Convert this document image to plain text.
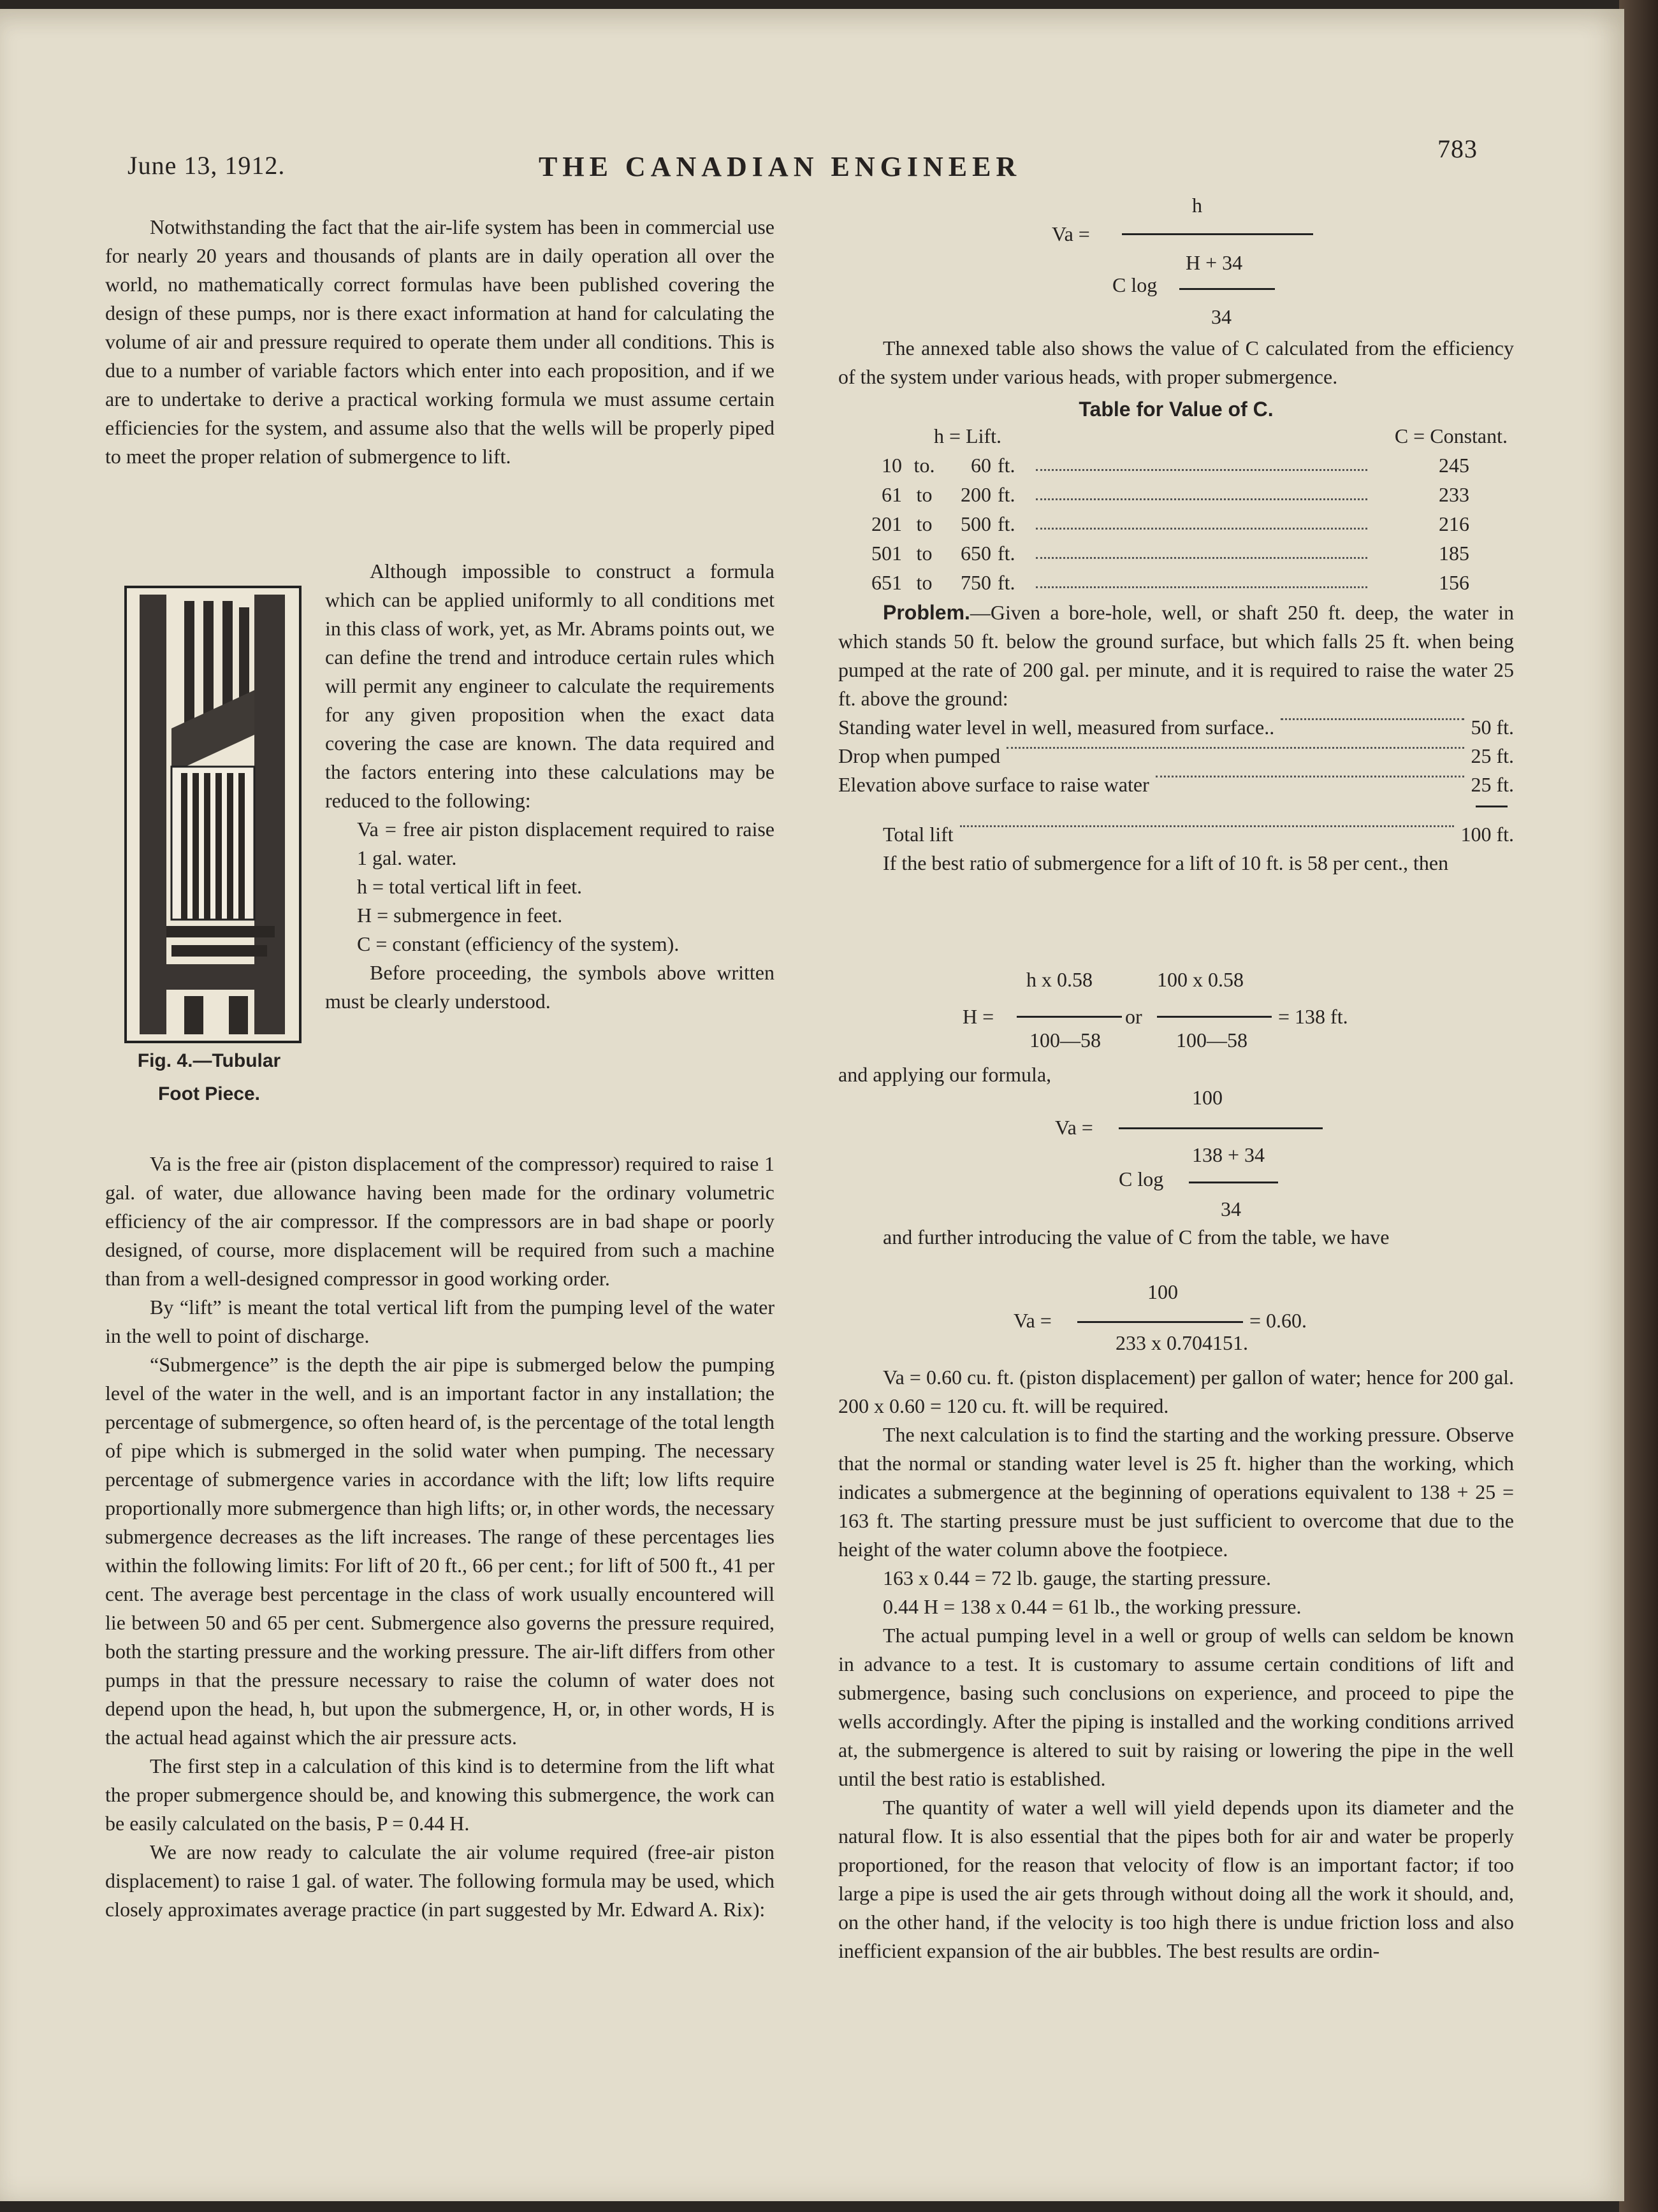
June 13, 1912.	THE CANADIAN ENGINEER
783

Notwithstanding the fact that the air-life system has been in commercial use for nearly 20 years and thousands of plants are in daily operation all over the world, no mathematically correct formulas have been published covering the design of these pumps, nor is there exact information at hand for calculating the volume of air and pressure required to operate them under all conditions. This is due to a number of variable factors which enter into each proposition, and if we are to undertake to derive a practical working formula we must assume certain efficiencies for the system, and assume also that the wells will be properly piped to meet the proper relation of submergence to lift.

Fig. 4.—Tubular
Foot Piece.

Although impossible to construct a formula which can be applied uniformly to all conditions met in this class of work, yet, as Mr. Abrams points out, we can define the trend and introduce certain rules which will permit any engineer to calculate the requirements for any given proposition when the exact data covering the case are known. The data required and the factors entering into these calculations may be reduced to the following:

Va = free air piston displacement required to raise 1 gal. water.

h = total vertical lift in feet.

H = submergence in feet.

C = constant (efficiency of the system).

Before proceeding, the symbols above written must be clearly understood.

Va is the free air (piston displacement of the compressor) required to raise 1 gal. of water, due allowance having been made for the ordinary volumetric efficiency of the air compressor. If the compressors are in bad shape or poorly designed, of course, more displacement will be required from such a machine than from a well-designed compressor in good working order.

By “lift” is meant the total vertical lift from the pumping level of the water in the well to point of discharge.

“Submergence” is the depth the air pipe is submerged below the pumping level of the water in the well, and is an important factor in any installation; the percentage of submergence, so often heard of, is the percentage of the total length of pipe which is submerged in the solid water when pumping. The necessary percentage of submergence varies in accordance with the lift; low lifts require proportionally more submergence than high lifts; or, in other words, the necessary submergence decreases as the lift increases. The range of these percentages lies within the following limits: For lift of 20 ft., 66 per cent.; for lift of 500 ft., 41 per cent. The average best percentage in the class of work usually encountered will lie between 50 and 65 per cent. Submergence also governs the pressure required, both the starting pressure and the working pressure. The air-lift differs from other pumps in that the pressure necessary to raise the column of water does not depend upon the head, h, but upon the submergence, H, or, in other words, H is the actual head against which the air pressure acts.

The first step in a calculation of this kind is to determine from the lift what the proper submergence should be, and knowing this submergence, the work can be easily calculated on the basis, P = 0.44 H.

We are now ready to calculate the air volume required (free-air piston displacement) to raise 1 gal. of water. The following formula may be used, which closely approximates average practice (in part suggested by Mr. Edward A. Rix):

Va =
h
H + 34
C log
34

The annexed table also shows the value of C calculated from the efficiency of the system under various heads, with proper submergence.

Table for Value of C.
h = Lift.					C = Constant.
10	to.	60	ft.		245
61	to	200	ft.		233
201	to	500	ft.		216
501	to	650	ft.		185
651	to	750	ft.		156

Problem.—Given a bore-hole, well, or shaft 250 ft. deep, the water in which stands 50 ft. below the ground surface, but which falls 25 ft. when being pumped at the rate of 200 gal. per minute, and it is required to raise the water 25 ft. above the ground:

Standing water level in well, measured from surface..	50 ft.
Drop when pumped	25 ft.
Elevation above surface to raise water	25 ft.
Total lift	100 ft.

If the best ratio of submergence for a lift of 10 ft. is 58 per cent., then

H =
h x 0.58
100—58
or
100 x 0.58
100—58
= 138 ft.

and applying our formula,

Va =
100
138 + 34
C log
34

and further introducing the value of C from the table, we have

Va =
100
233 x 0.704151.
= 0.60.

Va = 0.60 cu. ft. (piston displacement) per gallon of water; hence for 200 gal. 200 x 0.60 = 120 cu. ft. will be required.

The next calculation is to find the starting and the working pressure. Observe that the normal or standing water level is 25 ft. higher than the working, which indicates a submergence at the beginning of operations equivalent to 138 + 25 = 163 ft. The starting pressure must be just sufficient to overcome that due to the height of the water column above the footpiece.

163 x 0.44 = 72 lb. gauge, the starting pressure.

0.44 H = 138 x 0.44 = 61 lb., the working pressure.

The actual pumping level in a well or group of wells can seldom be known in advance to a test. It is customary to assume certain conditions of lift and submergence, basing such conclusions on experience, and proceed to pipe the wells accordingly. After the piping is installed and the working conditions arrived at, the submergence is altered to suit by raising or lowering the pipe in the well until the best ratio is established.

The quantity of water a well will yield depends upon its diameter and the natural flow. It is also essential that the pipes both for air and water be properly proportioned, for the reason that velocity of flow is an important factor; if too large a pipe is used the air gets through without doing all the work it should, and, on the other hand, if the velocity is too high there is undue friction loss and also inefficient expansion of the air bubbles. The best results are ordin-
